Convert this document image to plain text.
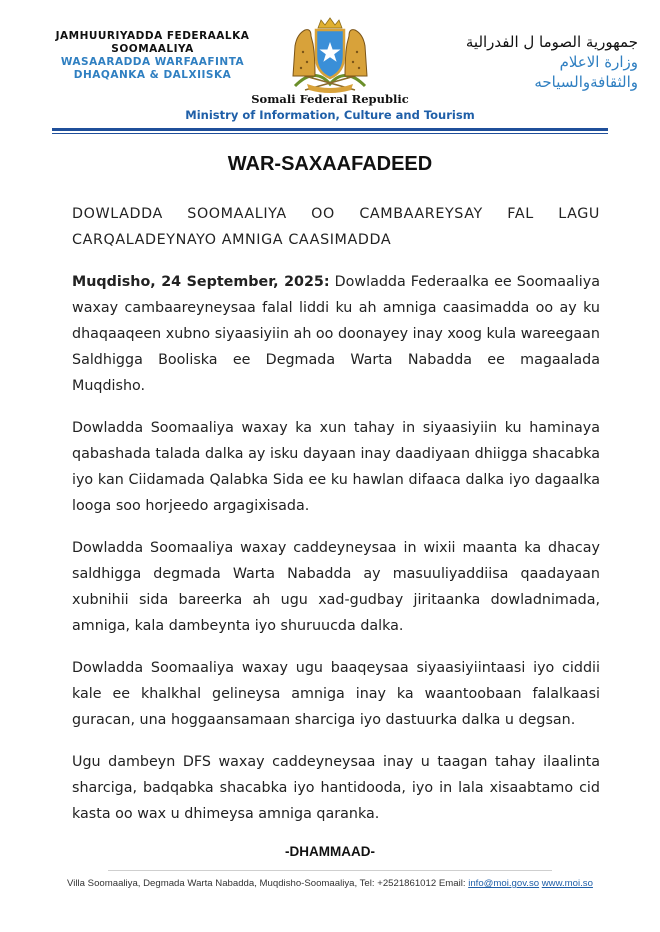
JAMHUURIYADDA FEDERAALKA
SOOMAALIYA
WASAARADDA WARFAAFINTA
DHAQANKA & DALXIISKA
Somali Federal Republic
Ministry of Information, Culture and Tourism
جمهورية الصوما ل الفدرالية
وزارة الاعلام
والثقافةوالسياحه
WAR-SAXAAFADEED

DOWLADDA SOOMAALIYA OO CAMBAAREYSAY FAL LAGU CARQALADEYNAYO AMNIGA CAASIMADDA

Muqdisho, 24 September, 2025: Dowladda Federaalka ee Soomaaliya waxay cambaareyneysaa falal liddi ku ah amniga caasimadda oo ay ku dhaqaaqeen xubno siyaasiyiin ah oo doonayey inay xoog kula wareegaan Saldhigga Booliska ee Degmada Warta Nabadda ee magaalada Muqdisho.

Dowladda Soomaaliya waxay ka xun tahay in siyaasiyiin ku haminaya qabashada talada dalka ay isku dayaan inay daadiyaan dhiigga shacabka iyo kan Ciidamada Qalabka Sida ee ku hawlan difaaca dalka iyo dagaalka looga soo horjeedo argagixisada.

Dowladda Soomaaliya waxay caddeyneysaa in wixii maanta ka dhacay saldhigga degmada Warta Nabadda ay masuuliyaddiisa qaadayaan xubnihii sida bareerka ah ugu xad-gudbay jiritaanka dowladnimada, amniga, kala dambeynta iyo shuruucda dalka.

Dowladda Soomaaliya waxay ugu baaqeysaa siyaasiyiintaasi iyo ciddii kale ee khalkhal gelineysa amniga inay ka waantoobaan falalkaasi guracan, una hoggaansamaan sharciga iyo dastuurka dalka u degsan.

Ugu dambeyn DFS waxay caddeyneysaa inay u taagan tahay ilaalinta sharciga, badqabka shacabka iyo hantidooda, iyo in lala xisaabtamo cid kasta oo wax u dhimeysa amniga qaranka.

-DHAMMAAD-
Villa Soomaaliya, Degmada Warta Nabadda, Muqdisho-Soomaaliya, Tel: +2521861012 Email: info@moi.gov.so www.moi.so
